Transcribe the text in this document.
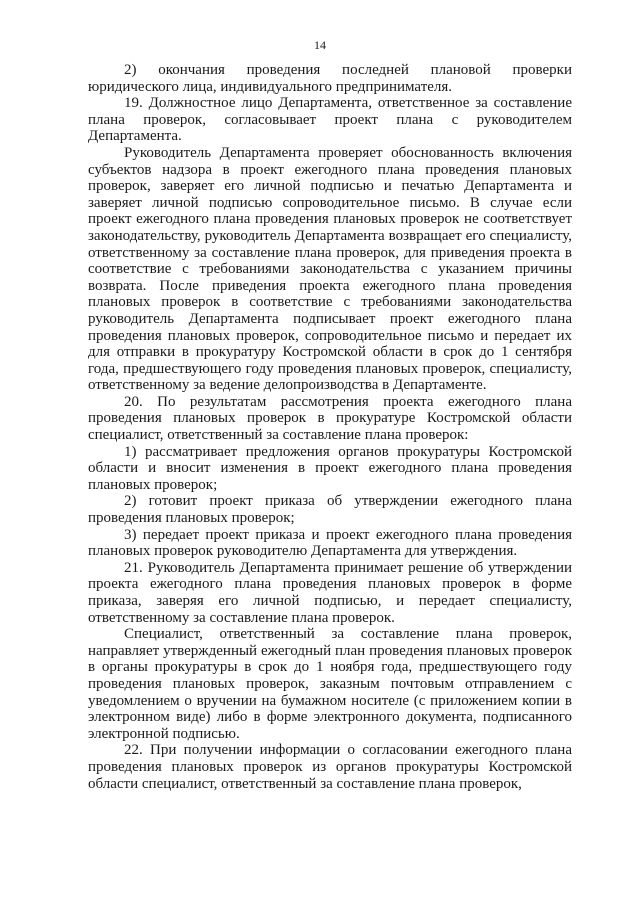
14

2) окончания проведения последней плановой проверки юридического лица, индивидуального предпринимателя.

19. Должностное лицо Департамента, ответственное за составление плана проверок, согласовывает проект плана с руководителем Департамента.

Руководитель Департамента проверяет обоснованность включения субъектов надзора в проект ежегодного плана проведения плановых проверок, заверяет его личной подписью и печатью Департамента и заверяет личной подписью сопроводительное письмо. В случае если проект ежегодного плана проведения плановых проверок не соответствует законодательству, руководитель Департамента возвращает его специалисту, ответственному за составление плана проверок, для приведения проекта в соответствие с требованиями законодательства с указанием причины возврата. После приведения проекта ежегодного плана проведения плановых проверок в соответствие с требованиями законодательства руководитель Департамента подписывает проект ежегодного плана проведения плановых проверок, сопроводительное письмо и передает их для отправки в прокуратуру Костромской области в срок до 1 сентября года, предшествующего году проведения плановых проверок, специалисту, ответственному за ведение делопроизводства в Департаменте.

20. По результатам рассмотрения проекта ежегодного плана проведения плановых проверок в прокуратуре Костромской области специалист, ответственный за составление плана проверок:

1) рассматривает предложения органов прокуратуры Костромской области и вносит изменения в проект ежегодного плана проведения плановых проверок;

2) готовит проект приказа об утверждении ежегодного плана проведения плановых проверок;

3) передает проект приказа и проект ежегодного плана проведения плановых проверок руководителю Департамента для утверждения.

21. Руководитель Департамента принимает решение об утверждении проекта ежегодного плана проведения плановых проверок в форме приказа, заверяя его личной подписью, и передает специалисту, ответственному за составление плана проверок.

Специалист, ответственный за составление плана проверок, направляет утвержденный ежегодный план проведения плановых проверок в органы прокуратуры в срок до 1 ноября года, предшествующего году проведения плановых проверок, заказным почтовым отправлением с уведомлением о вручении на бумажном носителе (с приложением копии в электронном виде) либо в форме электронного документа, подписанного электронной подписью.

22. При получении информации о согласовании ежегодного плана проведения плановых проверок из органов прокуратуры Костромской области специалист, ответственный за составление плана проверок,
